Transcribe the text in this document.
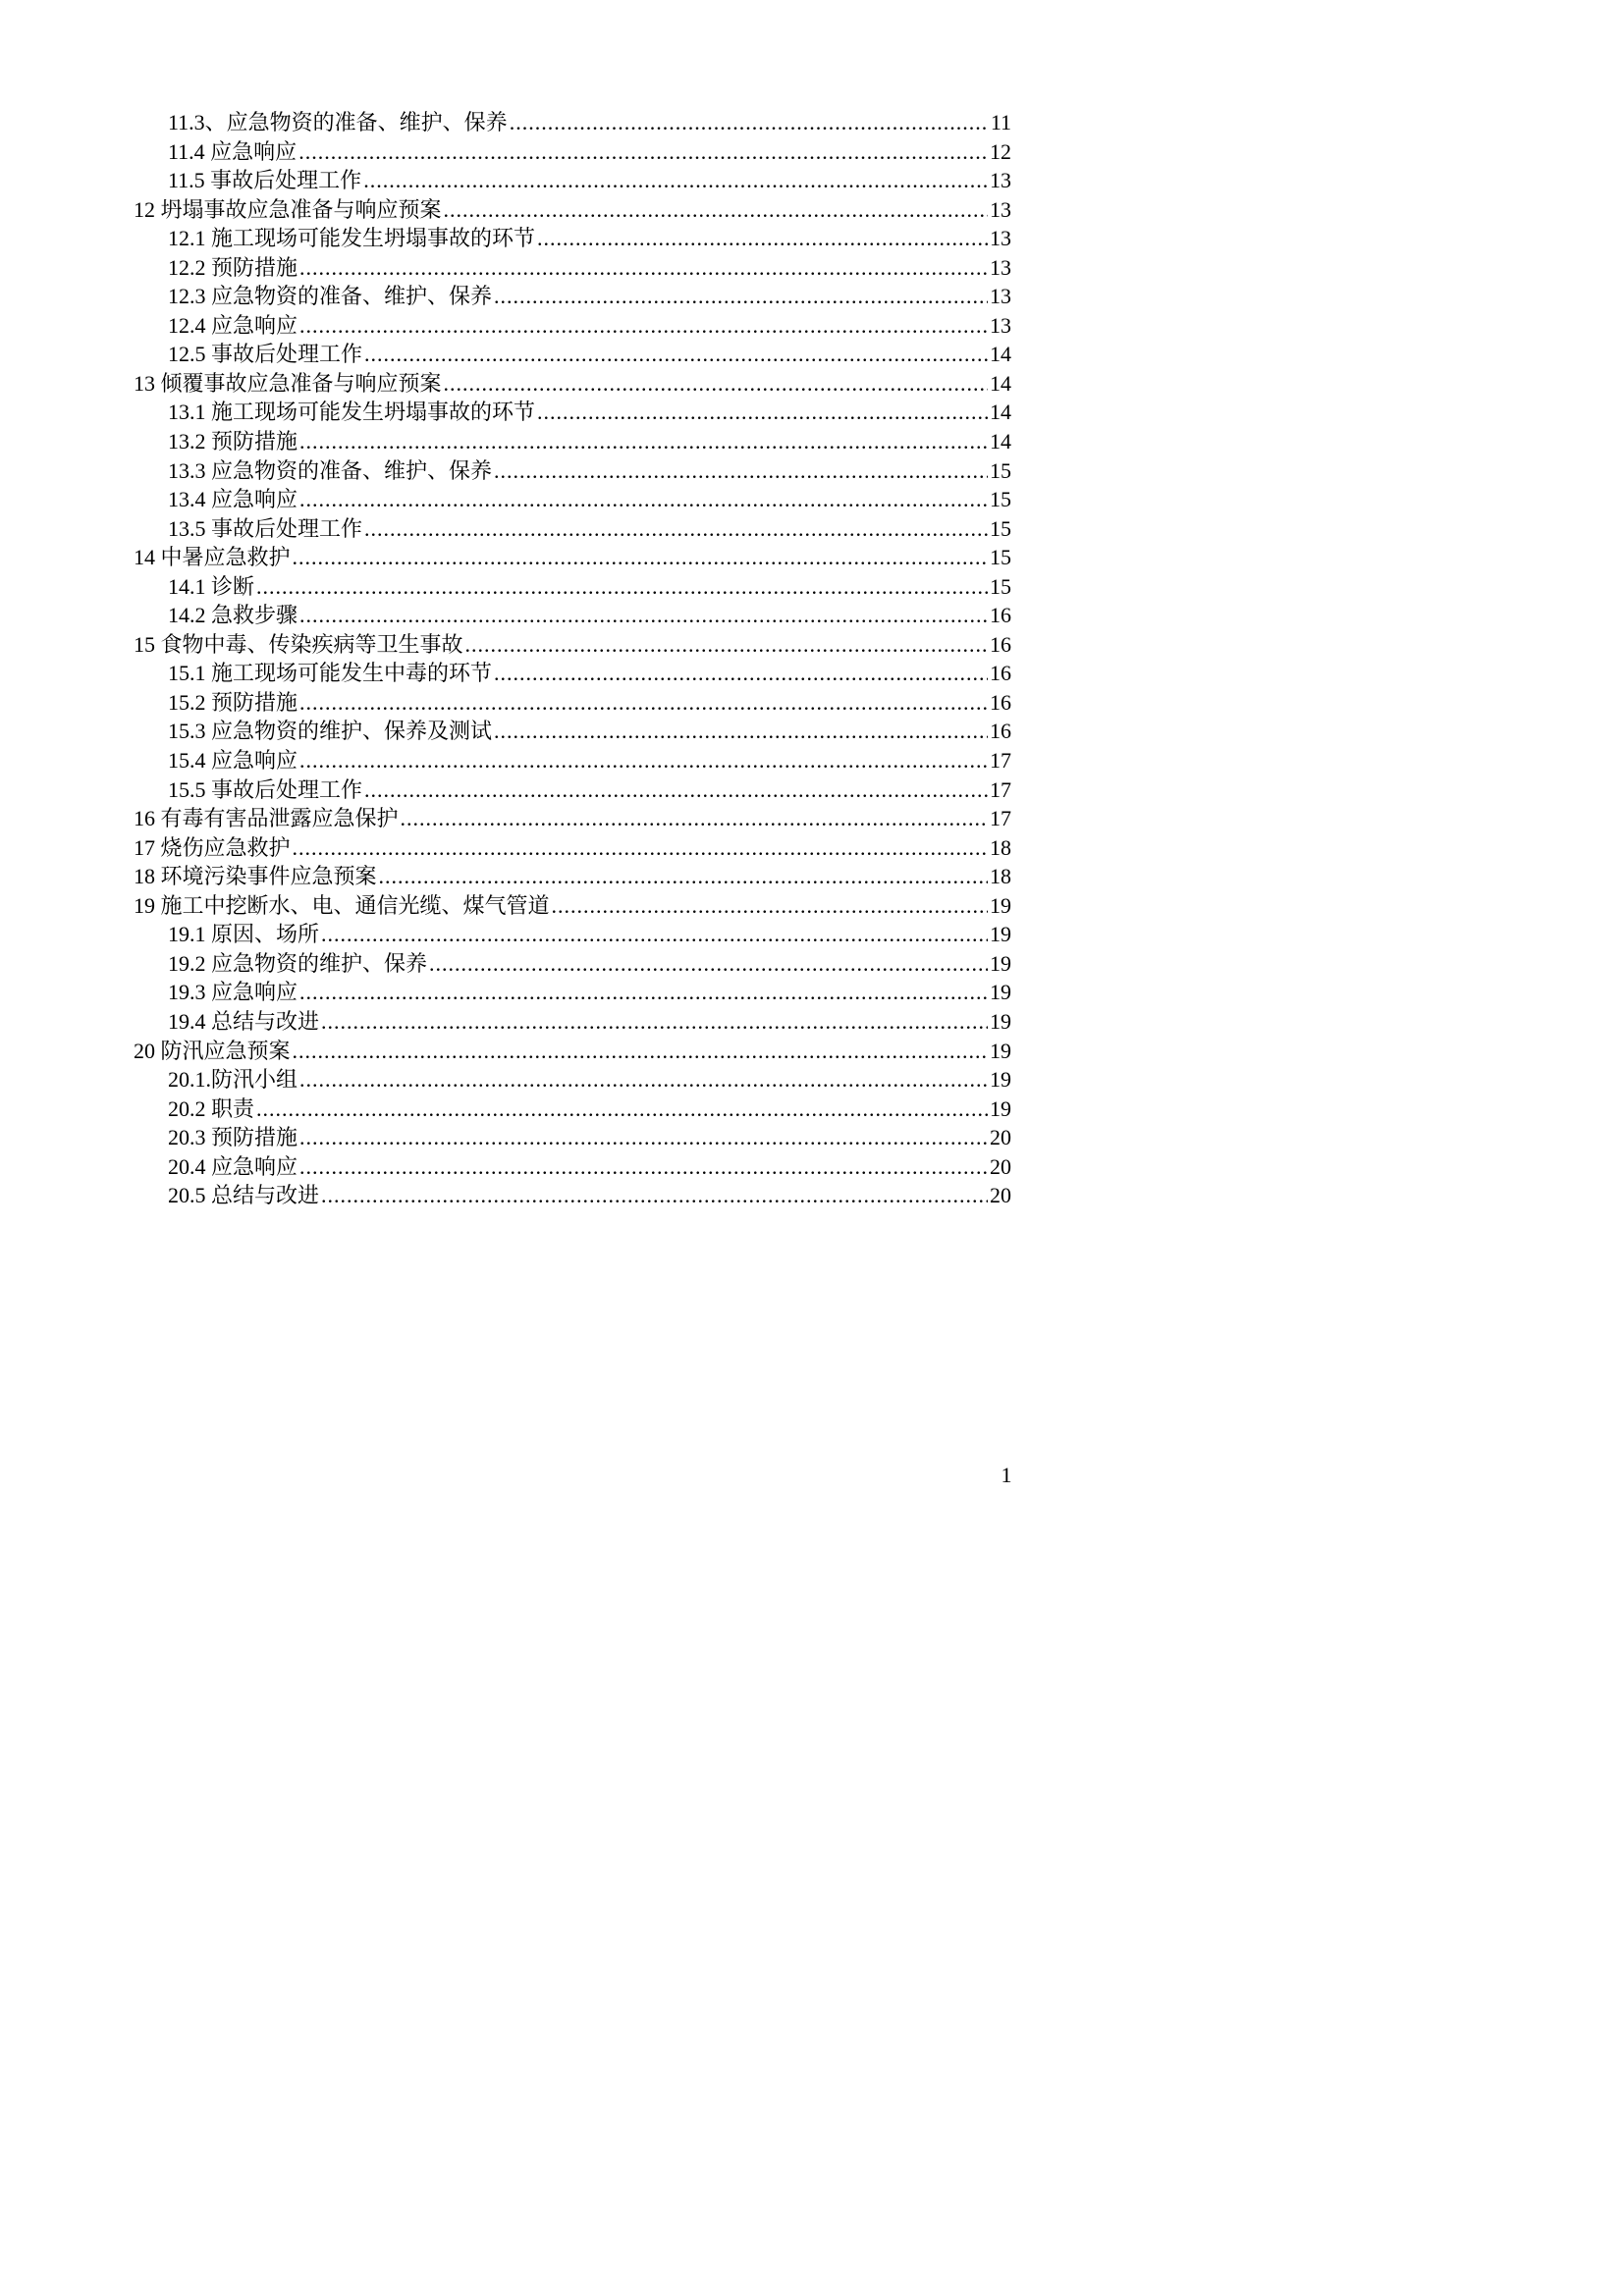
11.3、应急物资的准备、维护、保养 .....	11
11.4 应急响应 .....	12
11.5 事故后处理工作 .....	13
12 坍塌事故应急准备与响应预案 .....	13
12.1 施工现场可能发生坍塌事故的环节 .....	13
12.2 预防措施 .....	13
12.3 应急物资的准备、维护、保养 .....	13
12.4 应急响应 .....	13
12.5 事故后处理工作 .....	14
13 倾覆事故应急准备与响应预案 .....	14
13.1 施工现场可能发生坍塌事故的环节 .....	14
13.2 预防措施 .....	14
13.3 应急物资的准备、维护、保养 .....	15
13.4 应急响应 .....	15
13.5 事故后处理工作 .....	15
14 中暑应急救护 .....	15
14.1 诊断 .....	15
14.2 急救步骤 .....	16
15 食物中毒、传染疾病等卫生事故 .....	16
15.1 施工现场可能发生中毒的环节 .....	16
15.2 预防措施 .....	16
15.3 应急物资的维护、保养及测试 .....	16
15.4 应急响应 .....	17
15.5 事故后处理工作 .....	17
16 有毒有害品泄露应急保护 .....	17
17 烧伤应急救护 .....	18
18 环境污染事件应急预案 .....	18
19 施工中挖断水、电、通信光缆、煤气管道 .....	19
19.1 原因、场所 .....	19
19.2 应急物资的维护、保养 .....	19
19.3 应急响应 .....	19
19.4 总结与改进 .....	19
20 防汛应急预案 .....	19
20.1.防汛小组 .....	19
20.2 职责 .....	19
20.3 预防措施 .....	20
20.4 应急响应 .....	20
20.5 总结与改进 .....	20
1
